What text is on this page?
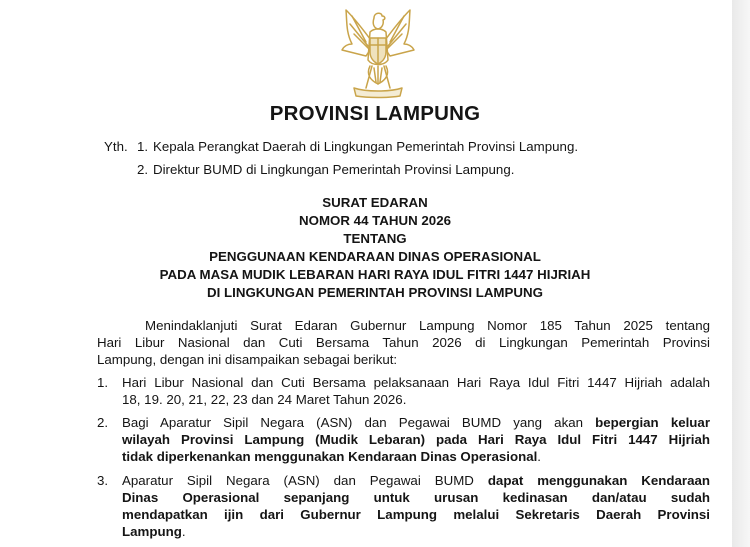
PROVINSI LAMPUNG
Yth. 1. Kepala Perangkat Daerah di Lingkungan Pemerintah Provinsi Lampung.
2. Direktur BUMD di Lingkungan Pemerintah Provinsi Lampung.
SURAT EDARAN
NOMOR 44 TAHUN 2026
TENTANG
PENGGUNAAN KENDARAAN DINAS OPERASIONAL
PADA MASA MUDIK LEBARAN HARI RAYA IDUL FITRI 1447 HIJRIAH
DI LINGKUNGAN PEMERINTAH PROVINSI LAMPUNG
Menindaklanjuti Surat Edaran Gubernur Lampung Nomor 185 Tahun 2025 tentang
Hari Libur Nasional dan Cuti Bersama Tahun 2026 di Lingkungan Pemerintah Provinsi
Lampung, dengan ini disampaikan sebagai berikut:
1. Hari Libur Nasional dan Cuti Bersama pelaksanaan Hari Raya Idul Fitri 1447 Hijriah adalah
18, 19. 20, 21, 22, 23 dan 24 Maret Tahun 2026.
2. Bagi Aparatur Sipil Negara (ASN) dan Pegawai BUMD yang akan bepergian keluar
wilayah Provinsi Lampung (Mudik Lebaran) pada Hari Raya Idul Fitri 1447 Hijriah
tidak diperkenankan menggunakan Kendaraan Dinas Operasional.
3. Aparatur Sipil Negara (ASN) dan Pegawai BUMD dapat menggunakan Kendaraan
Dinas Operasional sepanjang untuk urusan kedinasan dan/atau sudah
mendapatkan ijin dari Gubernur Lampung melalui Sekretaris Daerah Provinsi
Lampung.
